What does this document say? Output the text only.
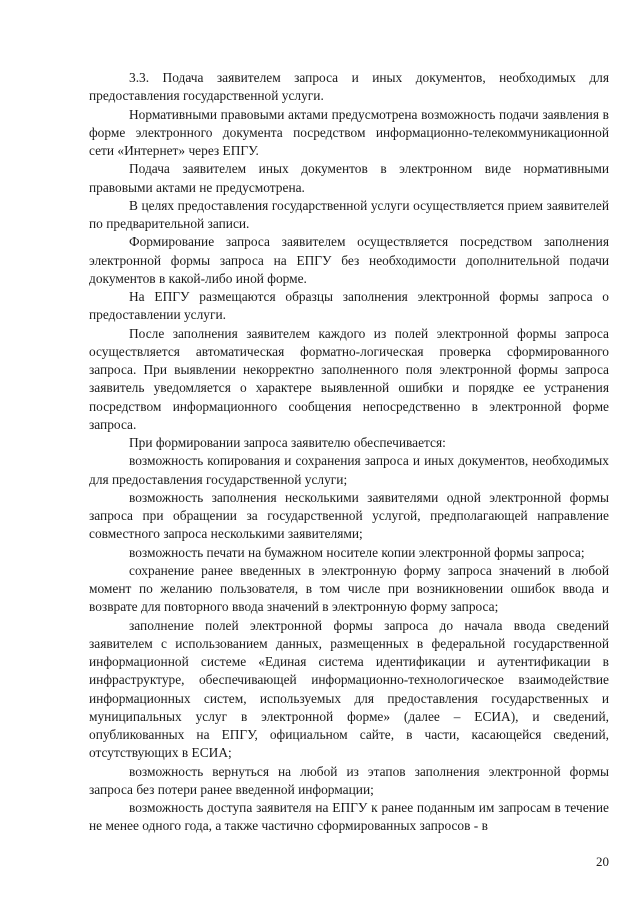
3.3. Подача заявителем запроса и иных документов, необходимых для предоставления государственной услуги.

Нормативными правовыми актами предусмотрена возможность подачи заявления в форме электронного документа посредством информационно-телекоммуникационной сети «Интернет» через ЕПГУ.

Подача заявителем иных документов в электронном виде нормативными правовыми актами не предусмотрена.

В целях предоставления государственной услуги осуществляется прием заявителей по предварительной записи.

Формирование запроса заявителем осуществляется посредством заполнения электронной формы запроса на ЕПГУ без необходимости дополнительной подачи документов в какой-либо иной форме.

На ЕПГУ размещаются образцы заполнения электронной формы запроса о предоставлении услуги.

После заполнения заявителем каждого из полей электронной формы запроса осуществляется автоматическая форматно-логическая проверка сформированного запроса. При выявлении некорректно заполненного поля электронной формы запроса заявитель уведомляется о характере выявленной ошибки и порядке ее устранения посредством информационного сообщения непосредственно в электронной форме запроса.

При формировании запроса заявителю обеспечивается:

возможность копирования и сохранения запроса и иных документов, необходимых для предоставления государственной услуги;

возможность заполнения несколькими заявителями одной электронной формы запроса при обращении за государственной услугой, предполагающей направление совместного запроса несколькими заявителями;

возможность печати на бумажном носителе копии электронной формы запроса;

сохранение ранее введенных в электронную форму запроса значений в любой момент по желанию пользователя, в том числе при возникновении ошибок ввода и возврате для повторного ввода значений в электронную форму запроса;

заполнение полей электронной формы запроса до начала ввода сведений заявителем с использованием данных, размещенных в федеральной государственной информационной системе «Единая система идентификации и аутентификации в инфраструктуре, обеспечивающей информационно-технологическое взаимодействие информационных систем, используемых для предоставления государственных и муниципальных услуг в электронной форме» (далее – ЕСИА), и сведений, опубликованных на ЕПГУ, официальном сайте, в части, касающейся сведений, отсутствующих в ЕСИА;

возможность вернуться на любой из этапов заполнения электронной формы запроса без потери ранее введенной информации;

возможность доступа заявителя на ЕПГУ к ранее поданным им запросам в течение не менее одного года, а также частично сформированных запросов - в

20
